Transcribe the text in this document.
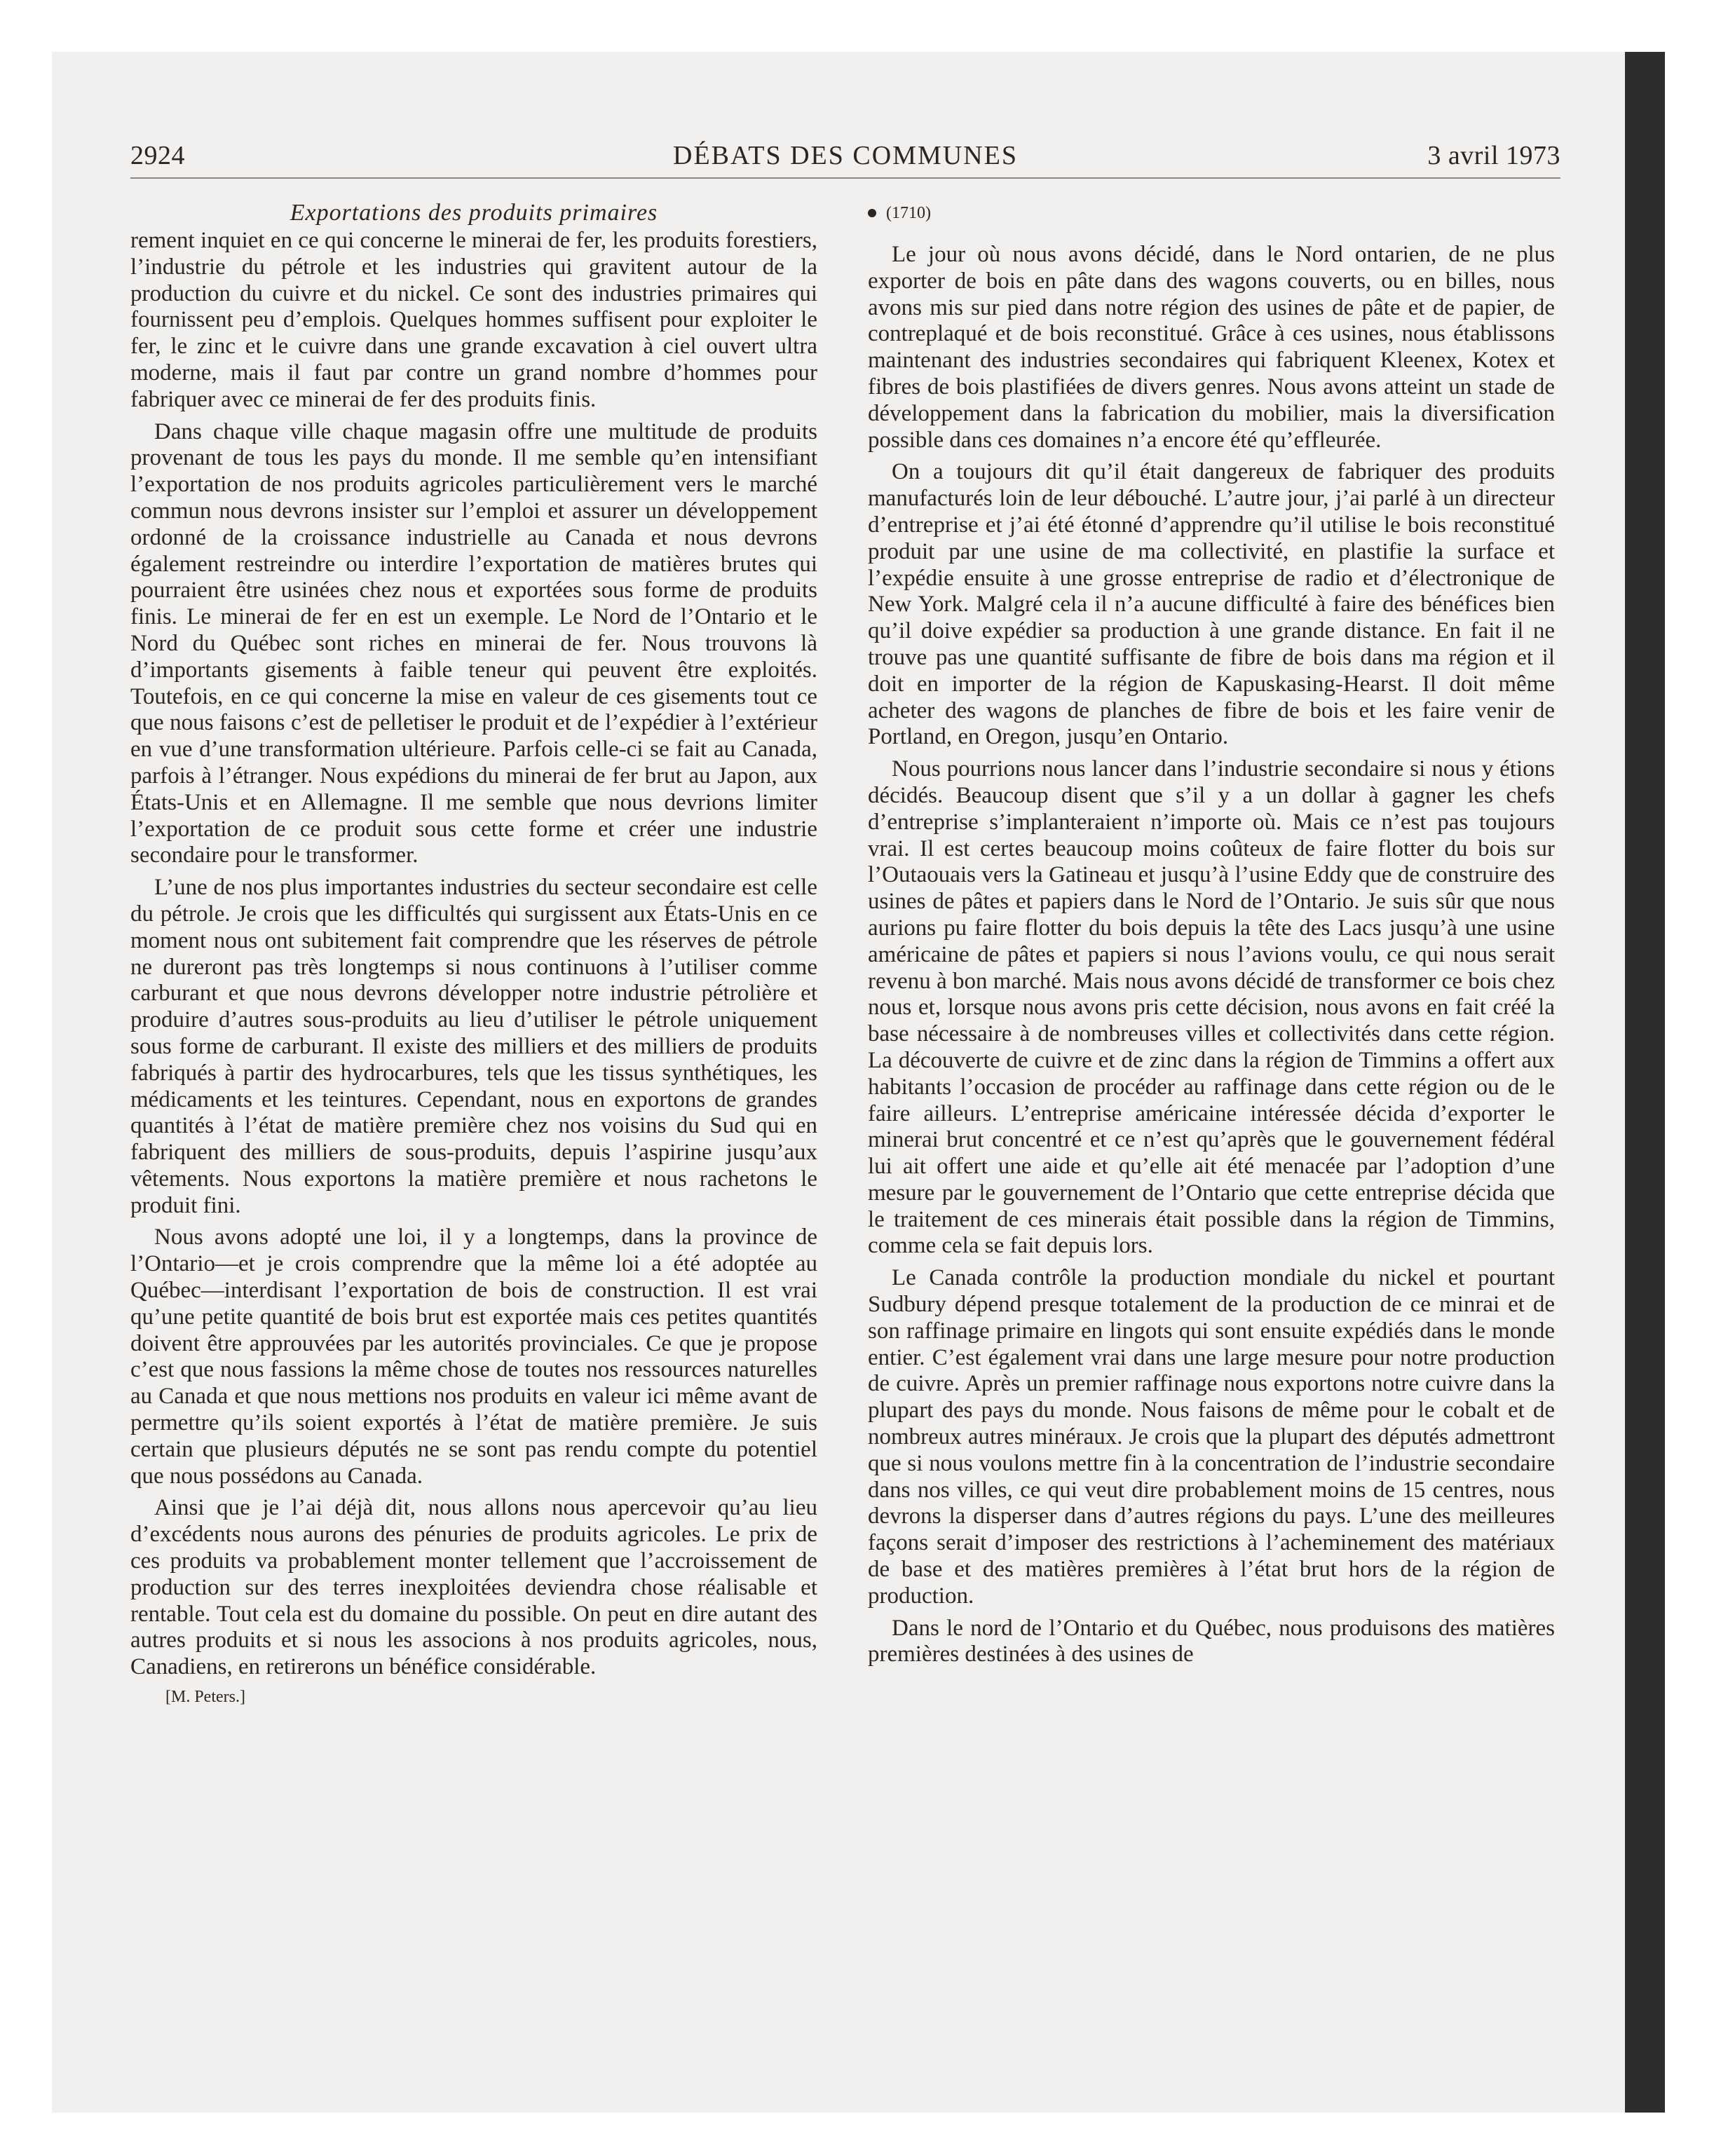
2924	DÉBATS DES COMMUNES	3 avril 1973
Exportations des produits primaires

rement inquiet en ce qui concerne le minerai de fer, les produits forestiers, l’industrie du pétrole et les industries qui gravitent autour de la production du cuivre et du nickel. Ce sont des industries primaires qui fournissent peu d’emplois. Quelques hommes suffisent pour exploiter le fer, le zinc et le cuivre dans une grande excavation à ciel ouvert ultra moderne, mais il faut par contre un grand nombre d’hommes pour fabriquer avec ce minerai de fer des produits finis.

Dans chaque ville chaque magasin offre une multitude de produits provenant de tous les pays du monde. Il me semble qu’en intensifiant l’exportation de nos produits agricoles particulièrement vers le marché commun nous devrons insister sur l’emploi et assurer un développement ordonné de la croissance industrielle au Canada et nous devrons également restreindre ou interdire l’exportation de matières brutes qui pourraient être usinées chez nous et exportées sous forme de produits finis. Le minerai de fer en est un exemple. Le Nord de l’Ontario et le Nord du Québec sont riches en minerai de fer. Nous trouvons là d’importants gisements à faible teneur qui peuvent être exploités. Toutefois, en ce qui concerne la mise en valeur de ces gisements tout ce que nous faisons c’est de pelletiser le produit et de l’expédier à l’extérieur en vue d’une transformation ultérieure. Parfois celle-ci se fait au Canada, parfois à l’étranger. Nous expédions du minerai de fer brut au Japon, aux États-Unis et en Allemagne. Il me semble que nous devrions limiter l’exportation de ce produit sous cette forme et créer une industrie secondaire pour le transformer.

L’une de nos plus importantes industries du secteur secondaire est celle du pétrole. Je crois que les difficultés qui surgissent aux États-Unis en ce moment nous ont subitement fait comprendre que les réserves de pétrole ne dureront pas très longtemps si nous continuons à l’utiliser comme carburant et que nous devrons développer notre industrie pétrolière et produire d’autres sous-produits au lieu d’utiliser le pétrole uniquement sous forme de carburant. Il existe des milliers et des milliers de produits fabriqués à partir des hydrocarbures, tels que les tissus synthétiques, les médicaments et les teintures. Cependant, nous en exportons de grandes quantités à l’état de matière première chez nos voisins du Sud qui en fabriquent des milliers de sous-produits, depuis l’aspirine jusqu’aux vêtements. Nous exportons la matière première et nous rachetons le produit fini.

Nous avons adopté une loi, il y a longtemps, dans la province de l’Ontario—et je crois comprendre que la même loi a été adoptée au Québec—interdisant l’exportation de bois de construction. Il est vrai qu’une petite quantité de bois brut est exportée mais ces petites quantités doivent être approuvées par les autorités provinciales. Ce que je propose c’est que nous fassions la même chose de toutes nos ressources naturelles au Canada et que nous mettions nos produits en valeur ici même avant de permettre qu’ils soient exportés à l’état de matière première. Je suis certain que plusieurs députés ne se sont pas rendu compte du potentiel que nous possédons au Canada.

Ainsi que je l’ai déjà dit, nous allons nous apercevoir qu’au lieu d’excédents nous aurons des pénuries de produits agricoles. Le prix de ces produits va probablement monter tellement que l’accroissement de production sur des terres inexploitées deviendra chose réalisable et rentable. Tout cela est du domaine du possible. On peut en dire autant des autres produits et si nous les associons à nos produits agricoles, nous, Canadiens, en retirerons un bénéfice considérable.

[M. Peters.]

(1710)

Le jour où nous avons décidé, dans le Nord ontarien, de ne plus exporter de bois en pâte dans des wagons couverts, ou en billes, nous avons mis sur pied dans notre région des usines de pâte et de papier, de contreplaqué et de bois reconstitué. Grâce à ces usines, nous établissons maintenant des industries secondaires qui fabriquent Kleenex, Kotex et fibres de bois plastifiées de divers genres. Nous avons atteint un stade de développement dans la fabrication du mobilier, mais la diversification possible dans ces domaines n’a encore été qu’effleurée.

On a toujours dit qu’il était dangereux de fabriquer des produits manufacturés loin de leur débouché. L’autre jour, j’ai parlé à un directeur d’entreprise et j’ai été étonné d’apprendre qu’il utilise le bois reconstitué produit par une usine de ma collectivité, en plastifie la surface et l’expédie ensuite à une grosse entreprise de radio et d’électronique de New York. Malgré cela il n’a aucune difficulté à faire des bénéfices bien qu’il doive expédier sa production à une grande distance. En fait il ne trouve pas une quantité suffisante de fibre de bois dans ma région et il doit en importer de la région de Kapuskasing-Hearst. Il doit même acheter des wagons de planches de fibre de bois et les faire venir de Portland, en Oregon, jusqu’en Ontario.

Nous pourrions nous lancer dans l’industrie secondaire si nous y étions décidés. Beaucoup disent que s’il y a un dollar à gagner les chefs d’entreprise s’implanteraient n’importe où. Mais ce n’est pas toujours vrai. Il est certes beaucoup moins coûteux de faire flotter du bois sur l’Outaouais vers la Gatineau et jusqu’à l’usine Eddy que de construire des usines de pâtes et papiers dans le Nord de l’Ontario. Je suis sûr que nous aurions pu faire flotter du bois depuis la tête des Lacs jusqu’à une usine américaine de pâtes et papiers si nous l’avions voulu, ce qui nous serait revenu à bon marché. Mais nous avons décidé de transformer ce bois chez nous et, lorsque nous avons pris cette décision, nous avons en fait créé la base nécessaire à de nombreuses villes et collectivités dans cette région. La découverte de cuivre et de zinc dans la région de Timmins a offert aux habitants l’occasion de procéder au raffinage dans cette région ou de le faire ailleurs. L’entreprise américaine intéressée décida d’exporter le minerai brut concentré et ce n’est qu’après que le gouvernement fédéral lui ait offert une aide et qu’elle ait été menacée par l’adoption d’une mesure par le gouvernement de l’Ontario que cette entreprise décida que le traitement de ces minerais était possible dans la région de Timmins, comme cela se fait depuis lors.

Le Canada contrôle la production mondiale du nickel et pourtant Sudbury dépend presque totalement de la production de ce minrai et de son raffinage primaire en lingots qui sont ensuite expédiés dans le monde entier. C’est également vrai dans une large mesure pour notre production de cuivre. Après un premier raffinage nous exportons notre cuivre dans la plupart des pays du monde. Nous faisons de même pour le cobalt et de nombreux autres minéraux. Je crois que la plupart des députés admettront que si nous voulons mettre fin à la concentration de l’industrie secondaire dans nos villes, ce qui veut dire probablement moins de 15 centres, nous devrons la disperser dans d’autres régions du pays. L’une des meilleures façons serait d’imposer des restrictions à l’acheminement des matériaux de base et des matières premières à l’état brut hors de la région de production.

Dans le nord de l’Ontario et du Québec, nous produisons des matières premières destinées à des usines de
